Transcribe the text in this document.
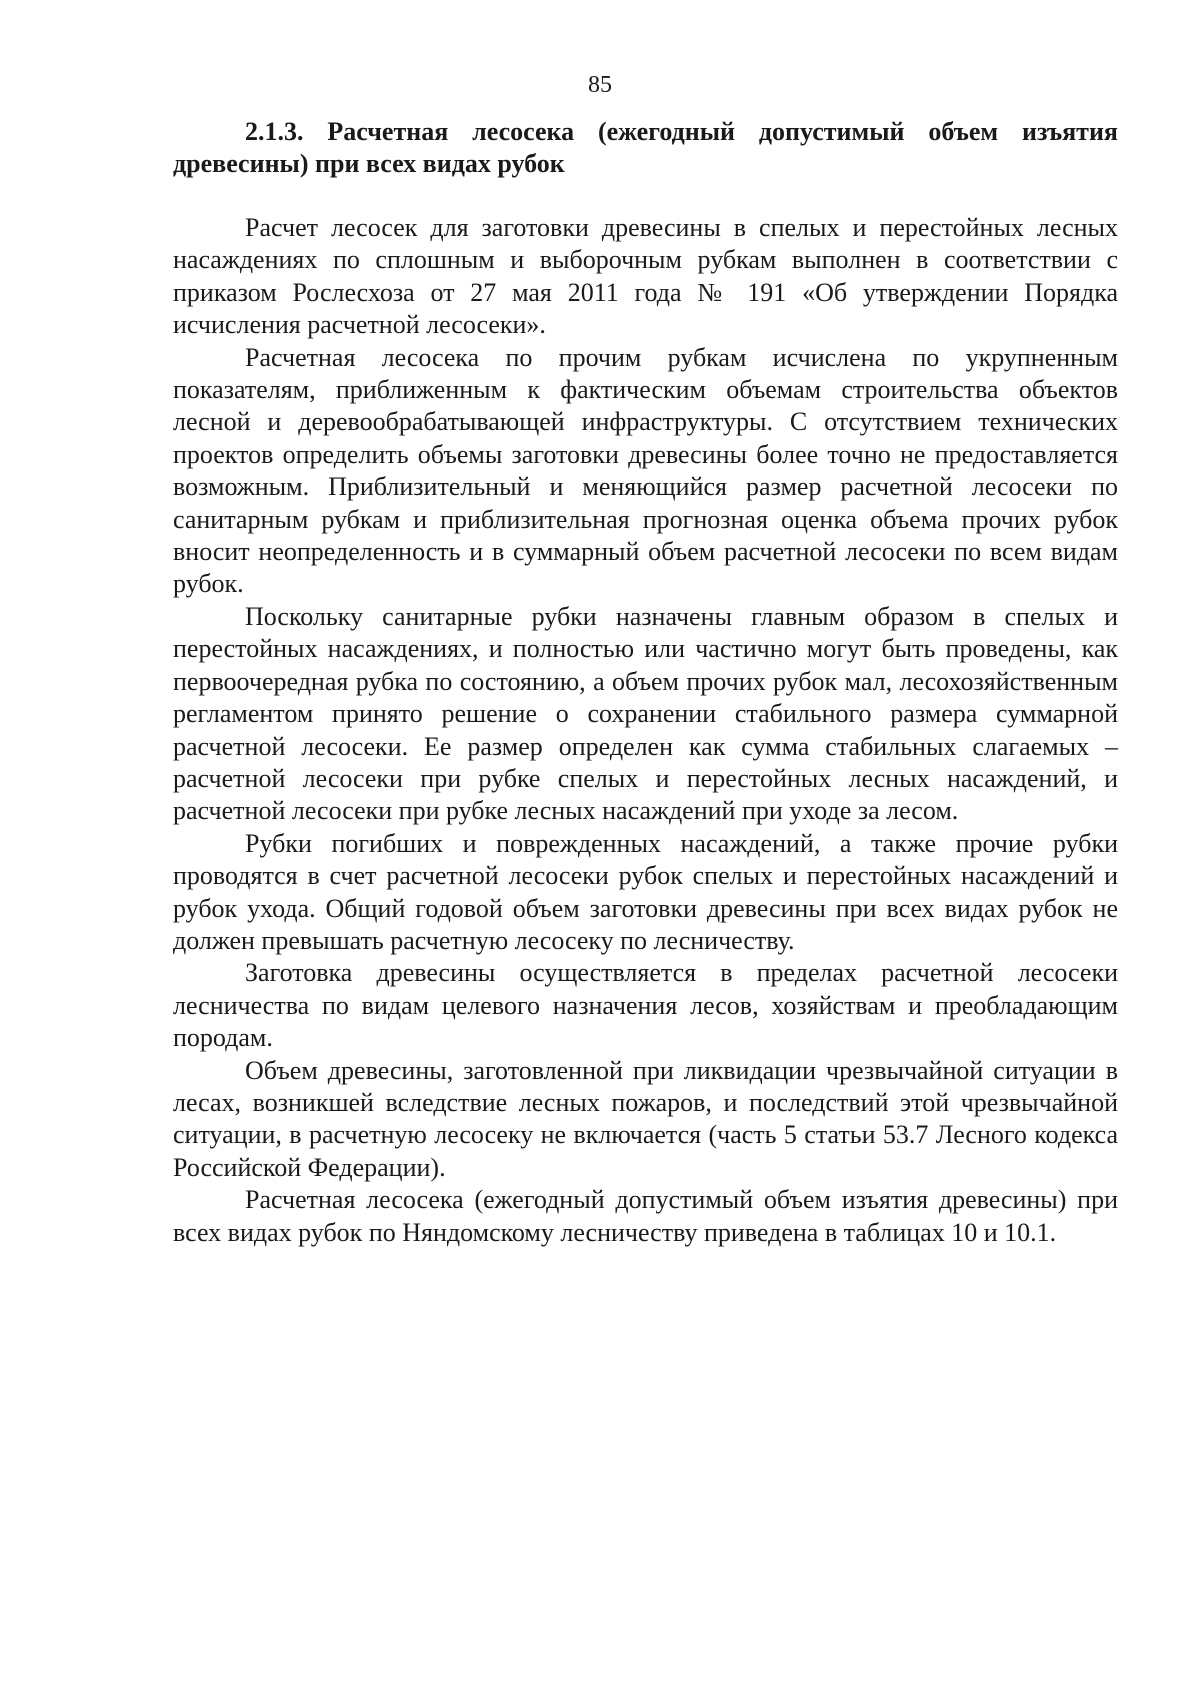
85
2.1.3. Расчетная лесосека (ежегодный допустимый объем изъятия древесины) при всех видах рубок

Расчет лесосек для заготовки древесины в спелых и перестойных лесных насаждениях по сплошным и выборочным рубкам выполнен в соответствии с приказом Рослесхоза от 27 мая 2011 года № 191 «Об утверждении Порядка исчисления расчетной лесосеки».

Расчетная лесосека по прочим рубкам исчислена по укрупненным показателям, приближенным к фактическим объемам строительства объектов лесной и деревообрабатывающей инфраструктуры. С отсутствием технических проектов определить объемы заготовки древесины более точно не предоставляется возможным. Приблизительный и меняющийся размер расчетной лесосеки по санитарным рубкам и приблизительная прогнозная оценка объема прочих рубок вносит неопределенность и в суммарный объем расчетной лесосеки по всем видам рубок.

Поскольку санитарные рубки назначены главным образом в спелых и перестойных насаждениях, и полностью или частично могут быть проведены, как первоочередная рубка по состоянию, а объем прочих рубок мал, лесохозяйственным регламентом принято решение о сохранении стабильного размера суммарной расчетной лесосеки. Ее размер определен как сумма стабильных слагаемых – расчетной лесосеки при рубке спелых и перестойных лесных насаждений, и расчетной лесосеки при рубке лесных насаждений при уходе за лесом.

Рубки погибших и поврежденных насаждений, а также прочие рубки проводятся в счет расчетной лесосеки рубок спелых и перестойных насаждений и рубок ухода. Общий годовой объем заготовки древесины при всех видах рубок не должен превышать расчетную лесосеку по лесничеству.

Заготовка древесины осуществляется в пределах расчетной лесосеки лесничества по видам целевого назначения лесов, хозяйствам и преобладающим породам.

Объем древесины, заготовленной при ликвидации чрезвычайной ситуации в лесах, возникшей вследствие лесных пожаров, и последствий этой чрезвычайной ситуации, в расчетную лесосеку не включается (часть 5 статьи 53.7 Лесного кодекса Российской Федерации).

Расчетная лесосека (ежегодный допустимый объем изъятия древесины) при всех видах рубок по Няндомскому лесничеству приведена в таблицах 10 и 10.1.
